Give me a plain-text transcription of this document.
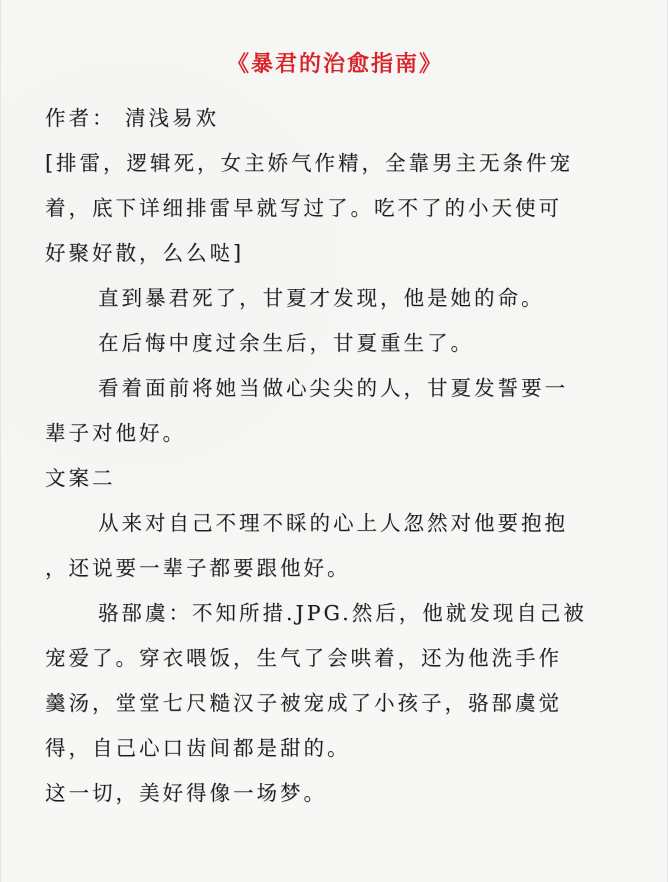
《暴君的治愈指南》
作者： 清浅易欢
[排雷，逻辑死，女主娇气作精，全靠男主无条件宠
着，底下详细排雷早就写过了。吃不了的小天使可
好聚好散，么么哒]
直到暴君死了，甘夏才发现，他是她的命。
在后悔中度过余生后，甘夏重生了。
看着面前将她当做心尖尖的人，甘夏发誓要一
辈子对他好。
文案二
从来对自己不理不睬的心上人忽然对他要抱抱
，还说要一辈子都要跟他好。
骆郚虞：不知所措.JPG.然后，他就发现自己被
宠爱了。穿衣喂饭，生气了会哄着，还为他洗手作
羹汤，堂堂七尺糙汉子被宠成了小孩子，骆郚虞觉
得，自己心口齿间都是甜的。
这一切，美好得像一场梦。
